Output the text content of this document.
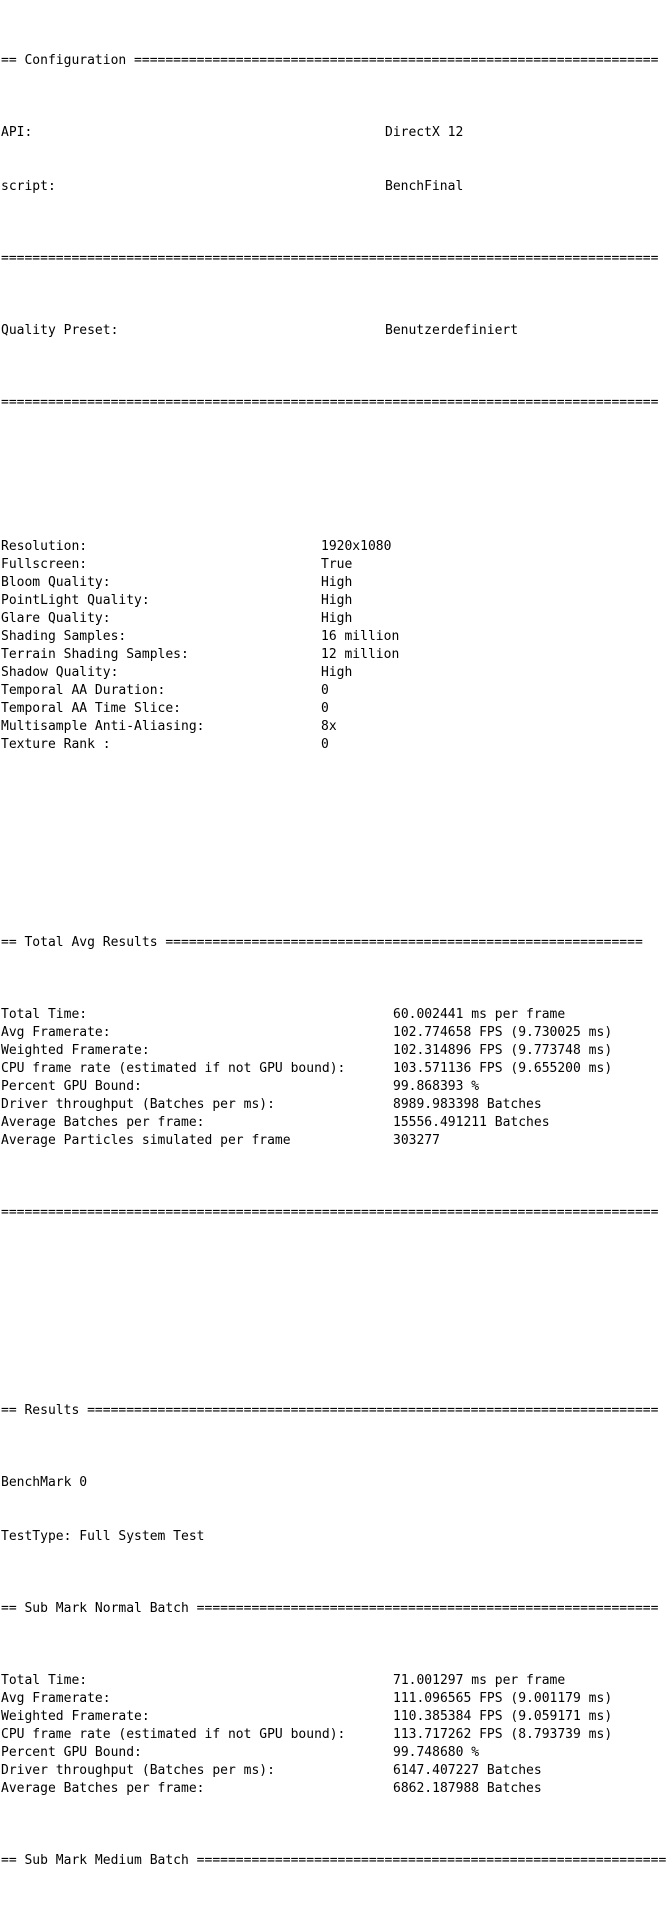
== Configuration ===================================================================

API:

	DirectX 12

script:

	BenchFinal

====================================================================================

Quality Preset:

	Benutzerdefiniert

====================================================================================

Resolution:	1920x1080
Fullscreen:	True
Bloom Quality:	High
PointLight Quality:	High
Glare Quality:	High
Shading Samples:	16 million
Terrain Shading Samples:	12 million
Shadow Quality:	High
Temporal AA Duration:	0
Temporal AA Time Slice:	0
Multisample Anti-Aliasing:	8x
Texture Rank :	0

== Total Avg Results =============================================================

Total Time:	60.002441 ms per frame
Avg Framerate:	102.774658 FPS (9.730025 ms)
Weighted Framerate:	102.314896 FPS (9.773748 ms)
CPU frame rate (estimated if not GPU bound):	103.571136 FPS (9.655200 ms)
Percent GPU Bound:	99.868393 %
Driver throughput (Batches per ms):	8989.983398 Batches
Average Batches per frame:	15556.491211 Batches
Average Particles simulated per frame	303277

====================================================================================

== Results =========================================================================

BenchMark 0

TestType: Full System Test

== Sub Mark Normal Batch ===========================================================

Total Time:	71.001297 ms per frame
Avg Framerate:	111.096565 FPS (9.001179 ms)
Weighted Framerate:	110.385384 FPS (9.059171 ms)
CPU frame rate (estimated if not GPU bound):	113.717262 FPS (8.793739 ms)
Percent GPU Bound:	99.748680 %
Driver throughput (Batches per ms):	6147.407227 Batches
Average Batches per frame:	6862.187988 Batches

== Sub Mark Medium Batch ============================================================
